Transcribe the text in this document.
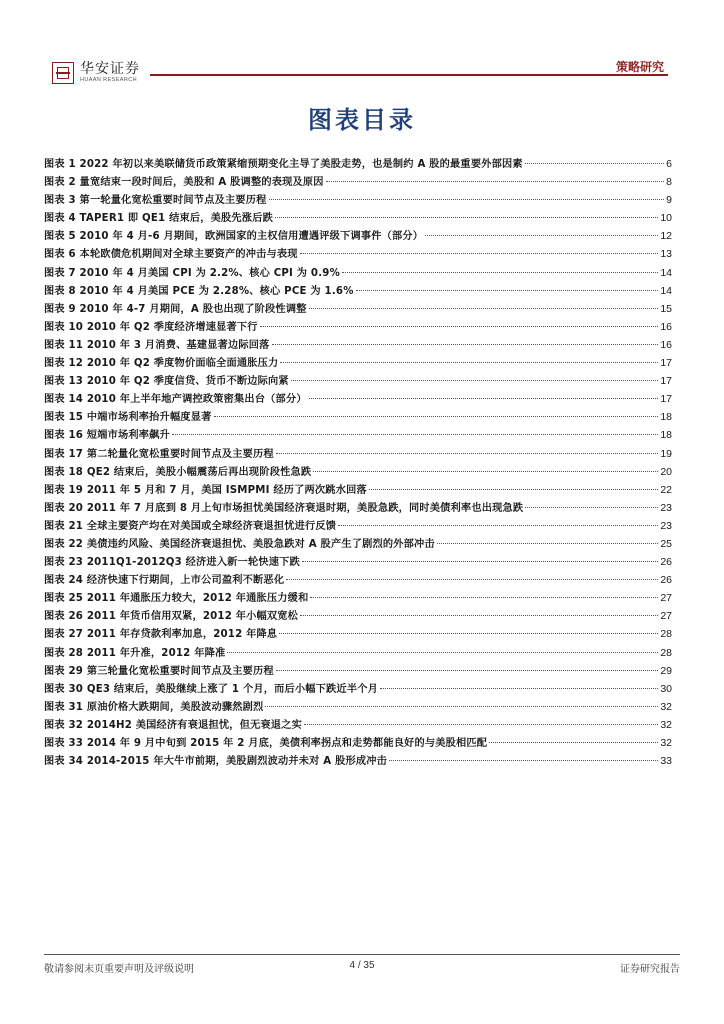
华安证券
HUAAN RESEARCH
策略研究
图表目录
图表 1 2022 年初以来美联储货币政策紧缩预期变化主导了美股走势，也是制约 A 股的最重要外部因素	6
图表 2 量宽结束一段时间后，美股和 A 股调整的表现及原因	8
图表 3 第一轮量化宽松重要时间节点及主要历程	9
图表 4 TAPER1 即 QE1 结束后，美股先涨后跌	10
图表 5 2010 年 4 月-6 月期间，欧洲国家的主权信用遭遇评级下调事件（部分）	12
图表 6 本轮欧债危机期间对全球主要资产的冲击与表现	13
图表 7 2010 年 4 月美国 CPI 为 2.2%、核心 CPI 为 0.9%	14
图表 8 2010 年 4 月美国 PCE 为 2.28%、核心 PCE 为 1.6%	14
图表 9 2010 年 4-7 月期间，A 股也出现了阶段性调整	15
图表 10 2010 年 Q2 季度经济增速显著下行	16
图表 11 2010 年 3 月消费、基建显著边际回落	16
图表 12 2010 年 Q2 季度物价面临全面通胀压力	17
图表 13 2010 年 Q2 季度信贷、货币不断边际向紧	17
图表 14 2010 年上半年地产调控政策密集出台（部分）	17
图表 15 中端市场利率抬升幅度显著	18
图表 16 短端市场利率飙升	18
图表 17 第二轮量化宽松重要时间节点及主要历程	19
图表 18 QE2 结束后，美股小幅震荡后再出现阶段性急跌	20
图表 19 2011 年 5 月和 7 月，美国 ISMPMI 经历了两次跳水回落	22
图表 20 2011 年 7 月底到 8 月上旬市场担忧美国经济衰退时期，美股急跌，同时美债利率也出现急跌	23
图表 21 全球主要资产均在对美国或全球经济衰退担忧进行反馈	23
图表 22 美债违约风险、美国经济衰退担忧、美股急跌对 A 股产生了剧烈的外部冲击	25
图表 23 2011Q1-2012Q3 经济进入新一轮快速下跌	26
图表 24 经济快速下行期间，上市公司盈利不断恶化	26
图表 25 2011 年通胀压力较大，2012 年通胀压力缓和	27
图表 26 2011 年货币信用双紧，2012 年小幅双宽松	27
图表 27 2011 年存贷款利率加息，2012 年降息	28
图表 28 2011 年升准，2012 年降准	28
图表 29 第三轮量化宽松重要时间节点及主要历程	29
图表 30 QE3 结束后，美股继续上涨了 1 个月，而后小幅下跌近半个月	30
图表 31 原油价格大跌期间，美股波动骤然剧烈	32
图表 32 2014H2 美国经济有衰退担忧，但无衰退之实	32
图表 33 2014 年 9 月中旬到 2015 年 2 月底，美债利率拐点和走势都能良好的与美股相匹配	32
图表 34 2014-2015 年大牛市前期，美股剧烈波动并未对 A 股形成冲击	33
敬请参阅末页重要声明及评级说明	4 / 35	证券研究报告
